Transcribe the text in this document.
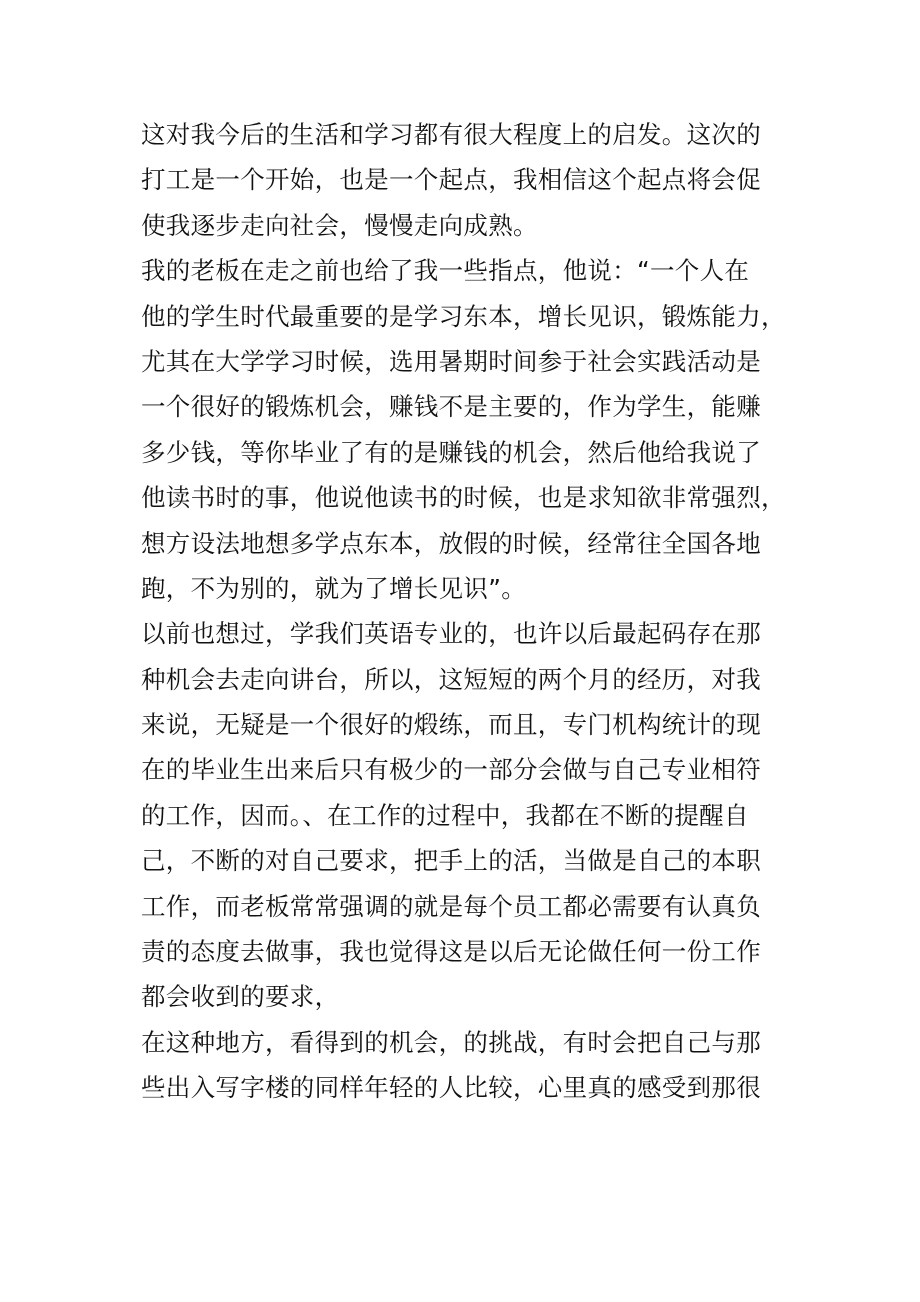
这对我今后的生活和学习都有很大程度上的启发。这次的
打工是一个开始，也是一个起点，我相信这个起点将会促
使我逐步走向社会，慢慢走向成熟。
我的老板在走之前也给了我一些指点，他说：“一个人在
他的学生时代最重要的是学习东本，增长见识，锻炼能力，
尤其在大学学习时候，选用暑期时间参于社会实践活动是
一个很好的锻炼机会，赚钱不是主要的，作为学生，能赚
多少钱，等你毕业了有的是赚钱的机会，然后他给我说了
他读书时的事，他说他读书的时候，也是求知欲非常强烈，
想方设法地想多学点东本，放假的时候，经常往全国各地
跑，不为别的，就为了增长见识”。
以前也想过，学我们英语专业的，也许以后最起码存在那
种机会去走向讲台，所以，这短短的两个月的经历，对我
来说，无疑是一个很好的煅练，而且，专门机构统计的现
在的毕业生出来后只有极少的一部分会做与自己专业相符
的工作，因而。、在工作的过程中，我都在不断的提醒自
己，不断的对自己要求，把手上的活，当做是自己的本职
工作，而老板常常强调的就是每个员工都必需要有认真负
责的态度去做事，我也觉得这是以后无论做任何一份工作
都会收到的要求，
在这种地方，看得到的机会，的挑战，有时会把自己与那
些出入写字楼的同样年轻的人比较，心里真的感受到那很
